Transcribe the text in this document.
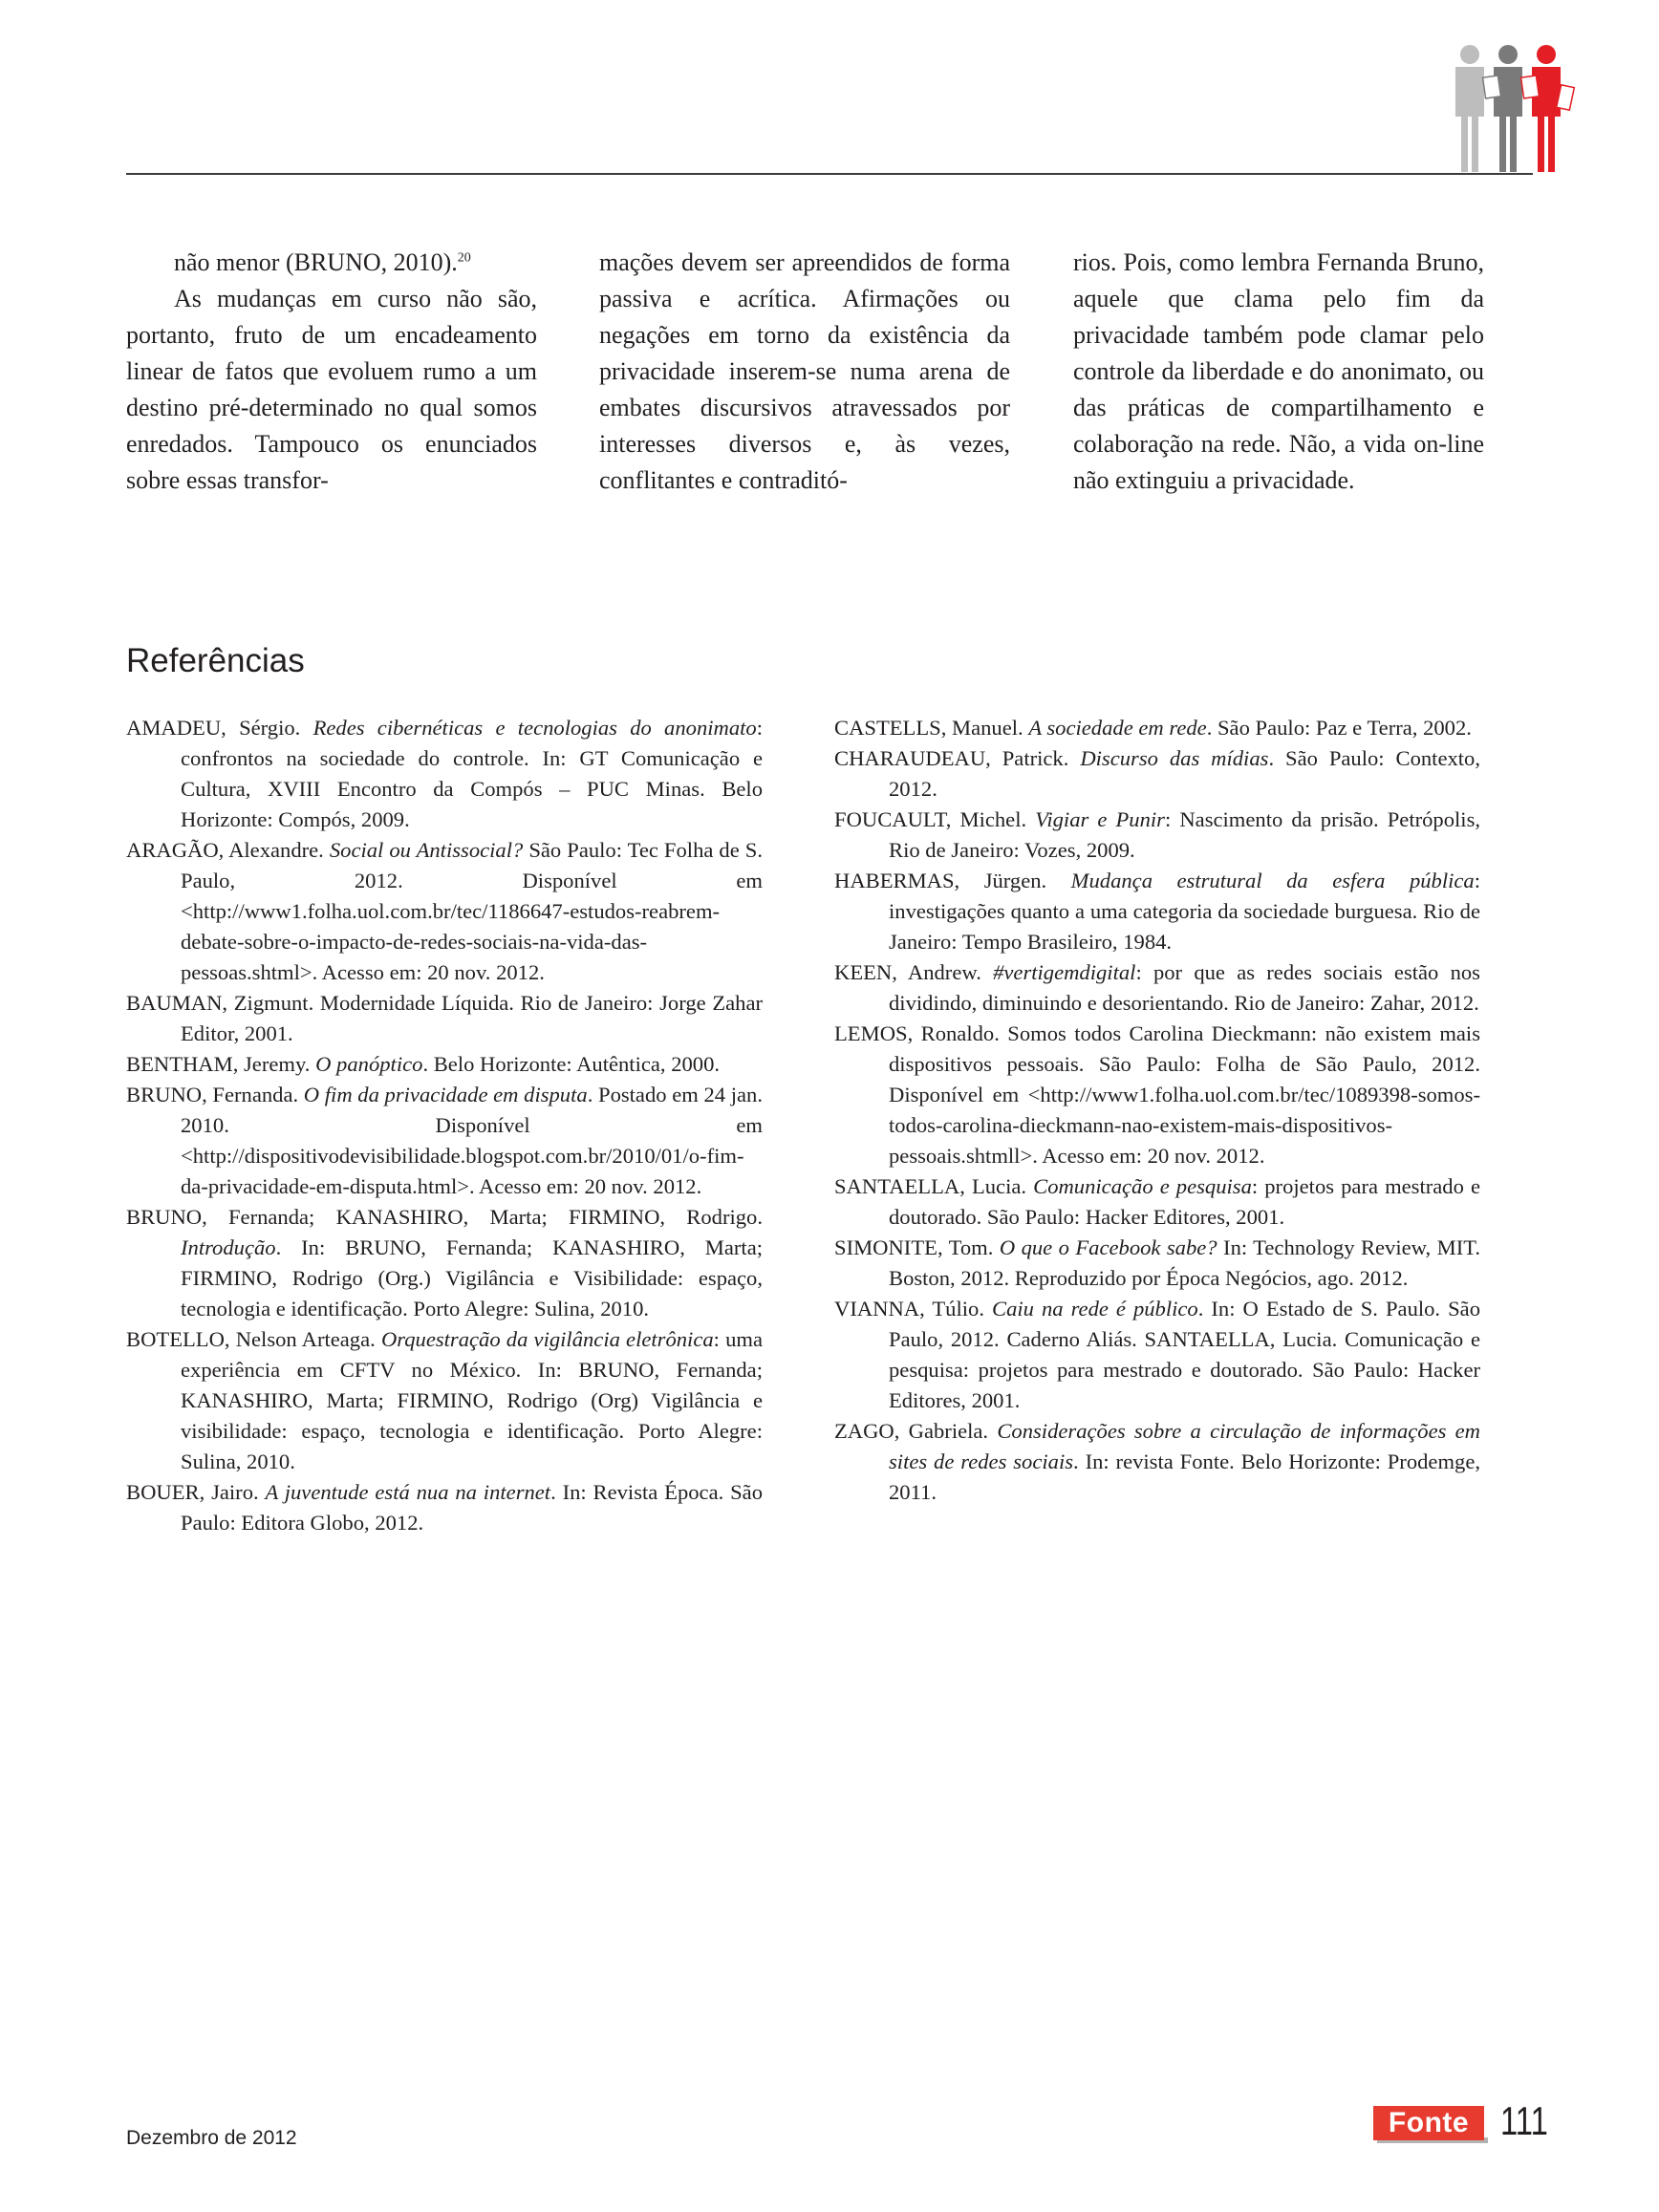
não menor (BRUNO, 2010).$^{20}$

As mudanças em curso não são, portanto, fruto de um encadeamento linear de fatos que evoluem rumo a um destino pré-determinado no qual somos enredados. Tampouco os enunciados sobre essas transfor-

mações devem ser apreendidos de forma passiva e acrítica. Afirmações ou negações em torno da existência da privacidade inserem-se numa arena de embates discursivos atravessados por interesses diversos e, às vezes, conflitantes e contraditó-

rios. Pois, como lembra Fernanda Bruno, aquele que clama pelo fim da privacidade também pode clamar pelo controle da liberdade e do anonimato, ou das práticas de compartilhamento e colaboração na rede. Não, a vida on-line não extinguiu a privacidade.

Referências

AMADEU, Sérgio. Redes cibernéticas e tecnologias do anonimato: confrontos na sociedade do controle. In: GT Comunicação e Cultura, XVIII Encontro da Compós – PUC Minas. Belo Horizonte: Compós, 2009.

ARAGÃO, Alexandre. Social ou Antissocial? São Paulo: Tec Folha de S. Paulo, 2012. Disponível em <http://www1.folha.uol.com.br/tec/1186647-estudos-reabrem-debate-sobre-o-impacto-de-redes-sociais-na-vida-das-pessoas.shtml>. Acesso em: 20 nov. 2012.

BAUMAN, Zigmunt. Modernidade Líquida. Rio de Janeiro: Jorge Zahar Editor, 2001.

BENTHAM, Jeremy. O panóptico. Belo Horizonte: Autêntica, 2000.

BRUNO, Fernanda. O fim da privacidade em disputa. Postado em 24 jan. 2010. Disponível em <http://dispositivodevisibilidade.blogspot.com.br/2010/01/o-fim-da-privacidade-em-disputa.html>. Acesso em: 20 nov. 2012.

BRUNO, Fernanda; KANASHIRO, Marta; FIRMINO, Rodrigo. Introdução. In: BRUNO, Fernanda; KANASHIRO, Marta; FIRMINO, Rodrigo (Org.) Vigilância e Visibilidade: espaço, tecnologia e identificação. Porto Alegre: Sulina, 2010.

BOTELLO, Nelson Arteaga. Orquestração da vigilância eletrônica: uma experiência em CFTV no México. In: BRUNO, Fernanda; KANASHIRO, Marta; FIRMINO, Rodrigo (Org) Vigilância e visibilidade: espaço, tecnologia e identificação. Porto Alegre: Sulina, 2010.

BOUER, Jairo. A juventude está nua na internet. In: Revista Época. São Paulo: Editora Globo, 2012.

CASTELLS, Manuel. A sociedade em rede. São Paulo: Paz e Terra, 2002.

CHARAUDEAU, Patrick. Discurso das mídias. São Paulo: Contexto, 2012.

FOUCAULT, Michel. Vigiar e Punir: Nascimento da prisão. Petrópolis, Rio de Janeiro: Vozes, 2009.

HABERMAS, Jürgen. Mudança estrutural da esfera pública: investigações quanto a uma categoria da sociedade burguesa. Rio de Janeiro: Tempo Brasileiro, 1984.

KEEN, Andrew. #vertigemdigital: por que as redes sociais estão nos dividindo, diminuindo e desorientando. Rio de Janeiro: Zahar, 2012.

LEMOS, Ronaldo. Somos todos Carolina Dieckmann: não existem mais dispositivos pessoais. São Paulo: Folha de São Paulo, 2012. Disponível em <http://www1.folha.uol.com.br/tec/1089398-somos-todos-carolina-dieckmann-nao-existem-mais-dispositivos-pessoais.shtmll>. Acesso em: 20 nov. 2012.

SANTAELLA, Lucia. Comunicação e pesquisa: projetos para mestrado e doutorado. São Paulo: Hacker Editores, 2001.

SIMONITE, Tom. O que o Facebook sabe? In: Technology Review, MIT. Boston, 2012. Reproduzido por Época Negócios, ago. 2012.

VIANNA, Túlio. Caiu na rede é público. In: O Estado de S. Paulo. São Paulo, 2012. Caderno Aliás. SANTAELLA, Lucia. Comunicação e pesquisa: projetos para mestrado e doutorado. São Paulo: Hacker Editores, 2001.

ZAGO, Gabriela. Considerações sobre a circulação de informações em sites de redes sociais. In: revista Fonte. Belo Horizonte: Prodemge, 2011.

Dezembro de 2012	Fonte 111
